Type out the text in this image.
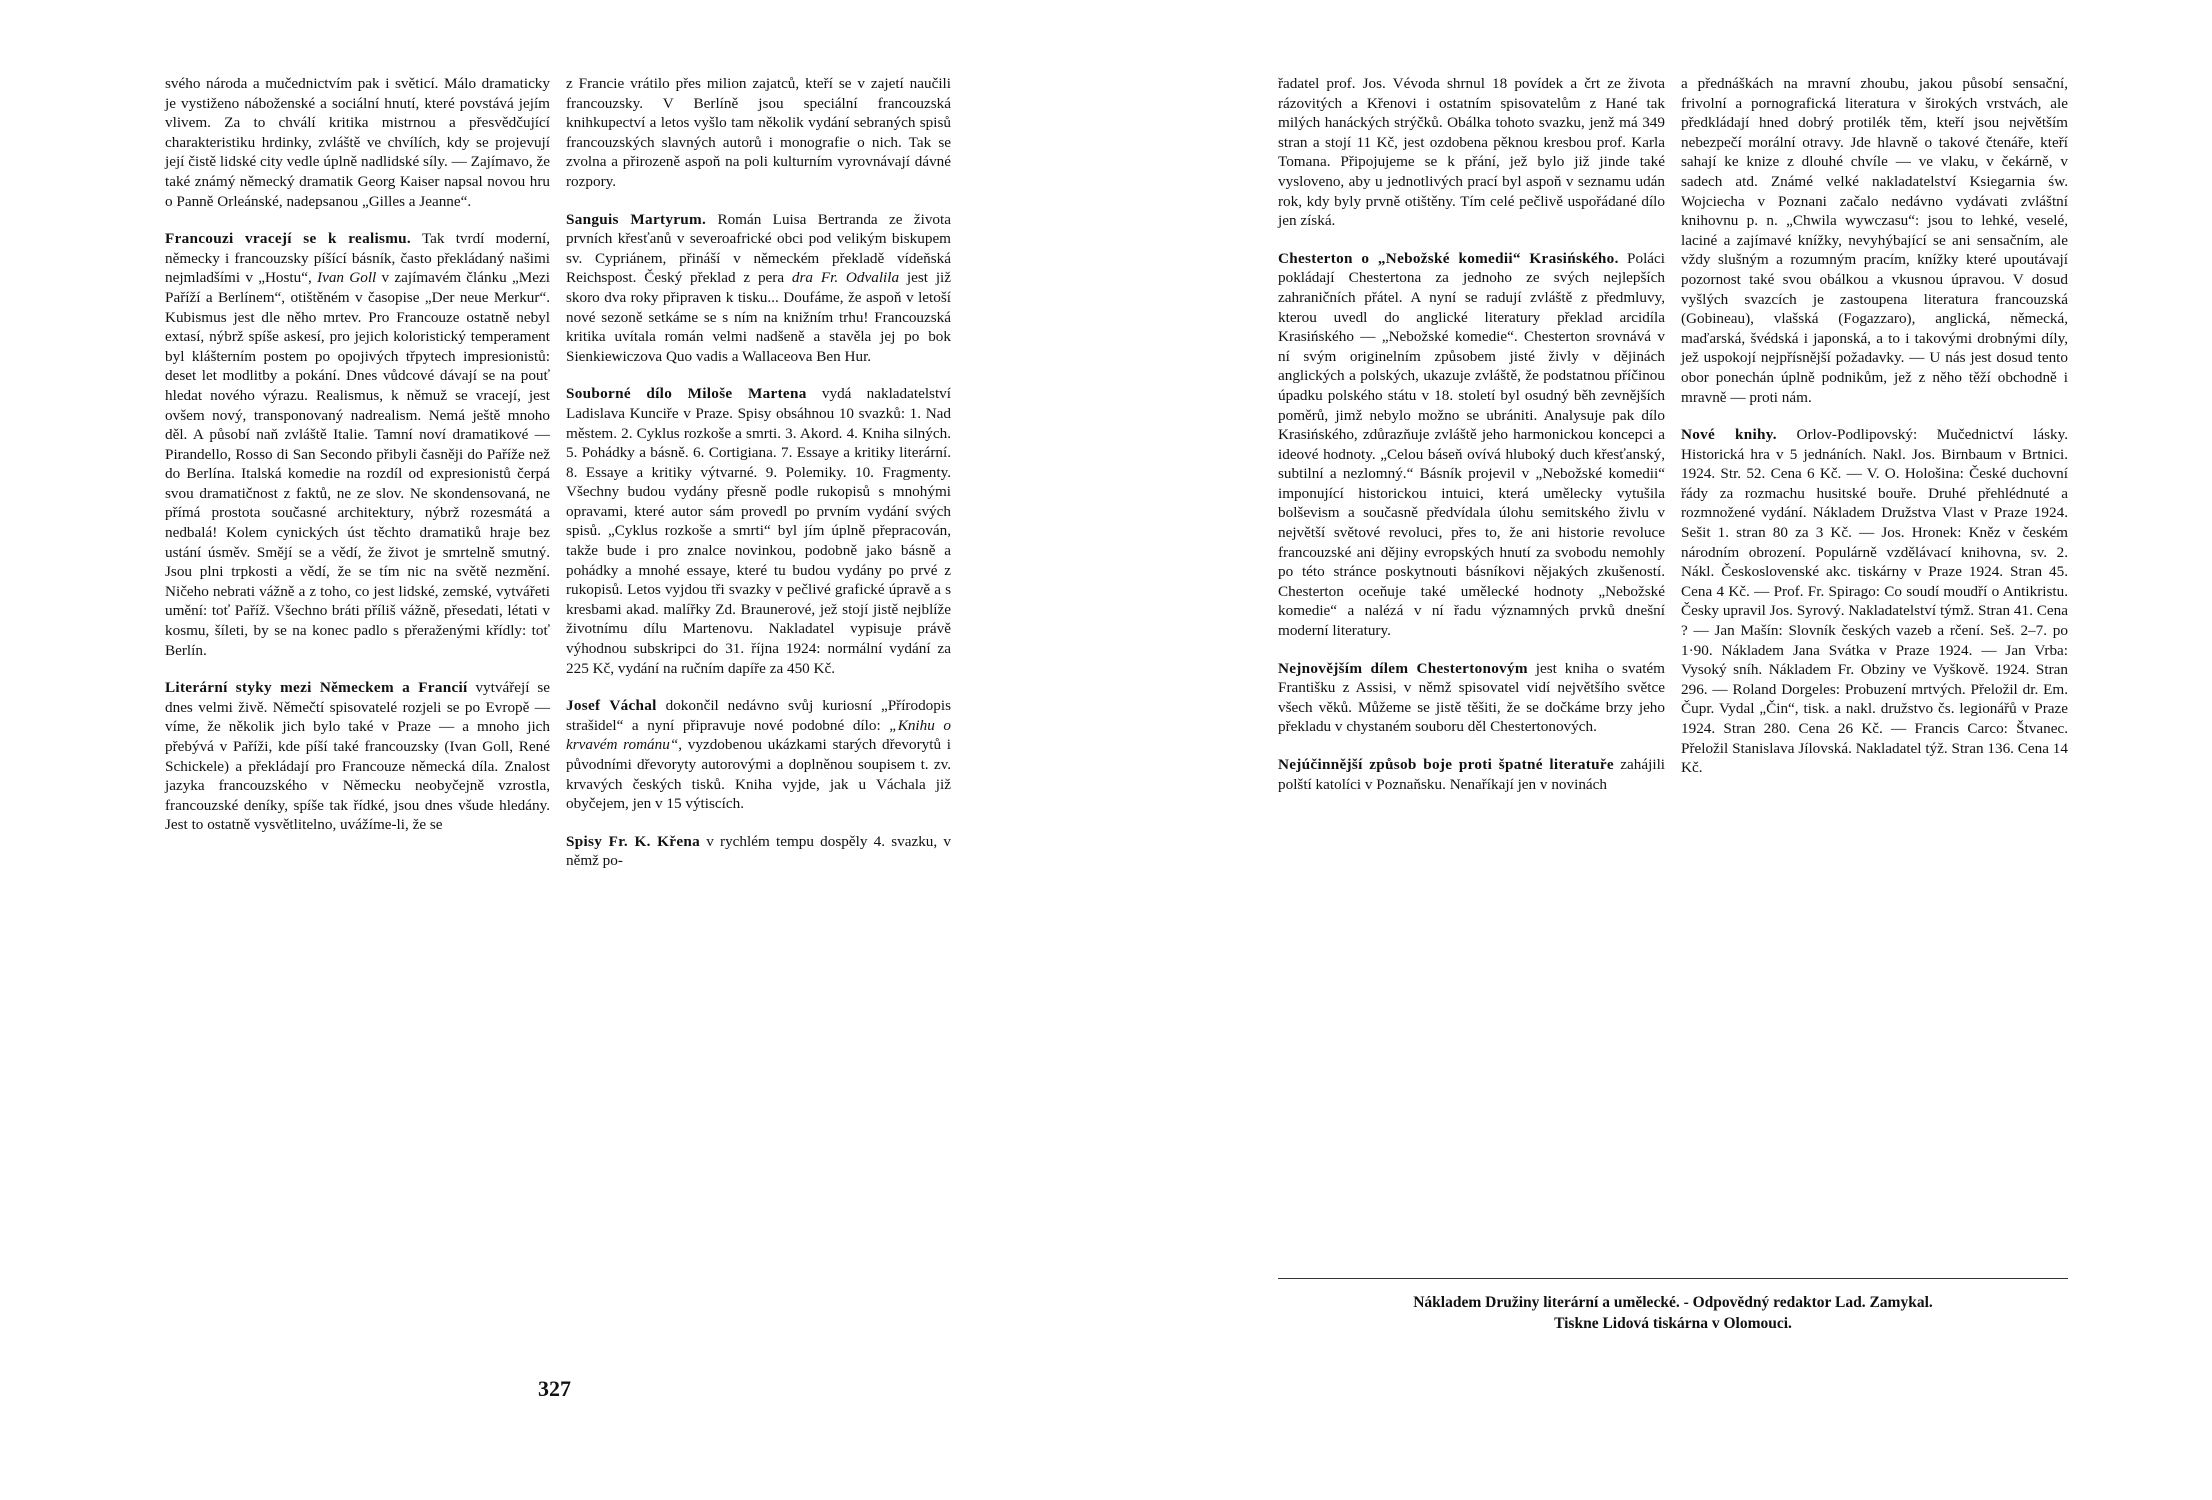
svého národa a mučednictvím pak i světicí. Málo dramaticky je vystiženo náboženské a sociální hnutí, které povstává jejím vlivem. Za to chválí kritika mistrnou a přesvědčující charakteristiku hrdinky, zvláště ve chvílích, kdy se projevují její čistě lidské city vedle úplně nadlidské síly. — Zajímavo, že také známý německý dramatik Georg Kaiser napsal novou hru o Panně Orleánské, nadepsanou „Gilles a Jeanne“.

Francouzi vracejí se k realismu. Tak tvrdí moderní, německy i francouzsky píšící básník, často překládaný našimi nejmladšími v „Hostu“, Ivan Goll v zajímavém článku „Mezi Paříží a Berlínem“, otištěném v časopise „Der neue Merkur“. Kubismus jest dle něho mrtev. Pro Francouze ostatně nebyl extasí, nýbrž spíše askesí, pro jejich koloristický temperament byl klášterním postem po opojivých třpytech impresionistů: deset let modlitby a pokání. Dnes vůdcové dávají se na pouť hledat nového výrazu. Realismus, k němuž se vracejí, jest ovšem nový, transponovaný nadrealism. Nemá ještě mnoho děl. A působí naň zvláště Italie. Tamní noví dramatikové — Pirandello, Rosso di San Secondo přibyli časněji do Paříže než do Berlína. Italská komedie na rozdíl od expresionistů čerpá svou dramatičnost z faktů, ne ze slov. Ne skondensovaná, ne přímá prostota současné architektury, nýbrž rozesmátá a nedbalá! Kolem cynických úst těchto dramatiků hraje bez ustání úsměv. Smějí se a vědí, že život je smrtelně smutný. Jsou plni trpkosti a vědí, že se tím nic na světě nezmění. Ničeho nebrati vážně a z toho, co jest lidské, zemské, vytvářeti umění: toť Paříž. Všechno bráti příliš vážně, přesedati, létati v kosmu, šíleti, by se na konec padlo s přeraženými křídly: toť Berlín.

Literární styky mezi Německem a Francií vytvářejí se dnes velmi živě. Němečtí spisovatelé rozjeli se po Evropě — víme, že několik jich bylo také v Praze — a mnoho jich přebývá v Paříži, kde píší také francouzsky (Ivan Goll, René Schickele) a překládají pro Francouze německá díla. Znalost jazyka francouzského v Německu neobyčejně vzrostla, francouzské deníky, spíše tak řídké, jsou dnes všude hledány. Jest to ostatně vysvětlitelno, uvážíme-li, že se

z Francie vrátilo přes milion zajatců, kteří se v zajetí naučili francouzsky. V Berlíně jsou speciální francouzská knihkupectví a letos vyšlo tam několik vydání sebraných spisů francouzských slavných autorů i monografie o nich. Tak se zvolna a přirozeně aspoň na poli kulturním vyrovnávají dávné rozpory.

Sanguis Martyrum. Román Luisa Bertranda ze života prvních křesťanů v severoafrické obci pod velikým biskupem sv. Cypriánem, přináší v německém překladě vídeňská Reichspost. Český překlad z pera dra Fr. Odvalila jest již skoro dva roky připraven k tisku... Doufáme, že aspoň v letoší nové sezoně setkáme se s ním na knižním trhu! Francouzská kritika uvítala román velmi nadšeně a stavěla jej po bok Sienkiewiczova Quo vadis a Wallaceova Ben Hur.

Souborné dílo Miloše Martena vydá nakladatelství Ladislava Kunciře v Praze. Spisy obsáhnou 10 svazků: 1. Nad městem. 2. Cyklus rozkoše a smrti. 3. Akord. 4. Kniha silných. 5. Pohádky a básně. 6. Cortigiana. 7. Essaye a kritiky literární. 8. Essaye a kritiky výtvarné. 9. Polemiky. 10. Fragmenty. Všechny budou vydány přesně podle rukopisů s mnohými opravami, které autor sám provedl po prvním vydání svých spisů. „Cyklus rozkoše a smrti“ byl jím úplně přepracován, takže bude i pro znalce novinkou, podobně jako básně a pohádky a mnohé essaye, které tu budou vydány po prvé z rukopisů. Letos vyjdou tři svazky v pečlivé grafické úpravě a s kresbami akad. malířky Zd. Braunerové, jež stojí jistě nejblíže životnímu dílu Martenovu. Nakladatel vypisuje právě výhodnou subskripci do 31. října 1924: normální vydání za 225 Kč, vydání na ručním dapíře za 450 Kč.

Josef Váchal dokončil nedávno svůj kuriosní „Přírodopis strašidel“ a nyní připravuje nové podobné dílo: „Knihu o krvavém románu“, vyzdobenou ukázkami starých dřevorytů i původními dřevoryty autorovými a doplněnou soupisem t. zv. krvavých českých tisků. Kniha vyjde, jak u Váchala již obyčejem, jen v 15 výtiscích.

Spisy Fr. K. Křena v rychlém tempu dospěly 4. svazku, v němž po-

327

řadatel prof. Jos. Vévoda shrnul 18 povídek a črt ze života rázovitých a Křenovi i ostatním spisovatelům z Hané tak milých hanáckých strýčků. Obálka tohoto svazku, jenž má 349 stran a stojí 11 Kč, jest ozdobena pěknou kresbou prof. Karla Tomana. Připojujeme se k přání, jež bylo již jinde také vysloveno, aby u jednotlivých prací byl aspoň v seznamu udán rok, kdy byly prvně otištěny. Tím celé pečlivě uspořádané dílo jen získá.

Chesterton o „Nebožské komedii“ Krasińského. Poláci pokládají Chestertona za jednoho ze svých nejlepších zahraničních přátel. A nyní se radují zvláště z předmluvy, kterou uvedl do anglické literatury překlad arcidíla Krasińského — „Nebožské komedie“. Chesterton srovnává v ní svým originelním způsobem jisté živly v dějinách anglických a polských, ukazuje zvláště, že podstatnou příčinou úpadku polského státu v 18. století byl osudný běh zevnějších poměrů, jimž nebylo možno se ubrániti. Analysuje pak dílo Krasińského, zdůrazňuje zvláště jeho harmonickou koncepci a ideové hodnoty. „Celou báseň ovívá hluboký duch křesťanský, subtilní a nezlomný.“ Básník projevil v „Nebožské komedii“ imponující historickou intuici, která umělecky vytušila bolševism a současně předvídala úlohu semitského živlu v největší světové revoluci, přes to, že ani historie revoluce francouzské ani dějiny evropských hnutí za svobodu nemohly po této stránce poskytnouti básníkovi nějakých zkušeností. Chesterton oceňuje také umělecké hodnoty „Nebožské komedie“ a nalézá v ní řadu významných prvků dnešní moderní literatury.

Nejnovějším dílem Chestertonovým jest kniha o svatém Františku z Assisi, v němž spisovatel vidí největšího světce všech věků. Můžeme se jistě těšiti, že se dočkáme brzy jeho překladu v chystaném souboru děl Chestertonových.

Nejúčinnější způsob boje proti špatné literatuře zahájili polští katolíci v Poznaňsku. Nenaříkají jen v novinách

a přednáškách na mravní zhoubu, jakou působí sensační, frivolní a pornografická literatura v širokých vrstvách, ale předkládají hned dobrý protilék těm, kteří jsou největším nebezpečí morální otravy. Jde hlavně o takové čtenáře, kteří sahají ke knize z dlouhé chvíle — ve vlaku, v čekárně, v sadech atd. Známé velké nakladatelství Ksiegarnia św. Wojciecha v Poznani začalo nedávno vydávati zvláštní knihovnu p. n. „Chwila wywczasu“: jsou to lehké, veselé, laciné a zajímavé knížky, nevyhýbající se ani sensačním, ale vždy slušným a rozumným pracím, knížky které upoutávají pozornost také svou obálkou a vkusnou úpravou. V dosud vyšlých svazcích je zastoupena literatura francouzská (Gobineau), vlašská (Fogazzaro), anglická, německá, maďarská, švédská i japonská, a to i takovými drobnými díly, jež uspokojí nejpřísnější požadavky. — U nás jest dosud tento obor ponechán úplně podnikům, jež z něho těží obchodně i mravně — proti nám.

Nové knihy. Orlov-Podlipovský: Mučednictví lásky. Historická hra v 5 jednáních. Nakl. Jos. Birnbaum v Brtnici. 1924. Str. 52. Cena 6 Kč. — V. O. Hološina: České duchovní řády za rozmachu husitské bouře. Druhé přehlédnuté a rozmnožené vydání. Nákladem Družstva Vlast v Praze 1924. Sešit 1. stran 80 za 3 Kč. — Jos. Hronek: Kněz v českém národním obrození. Populárně vzdělávací knihovna, sv. 2. Nákl. Československé akc. tiskárny v Praze 1924. Stran 45. Cena 4 Kč. — Prof. Fr. Spirago: Co soudí moudří o Antikristu. Česky upravil Jos. Syrový. Nakladatelství týmž. Stran 41. Cena ? — Jan Mašín: Slovník českých vazeb a rčení. Seš. 2–7. po 1·90. Nákladem Jana Svátka v Praze 1924. — Jan Vrba: Vysoký sníh. Nákladem Fr. Obziny ve Vyškově. 1924. Stran 296. — Roland Dorgeles: Probuzení mrtvých. Přeložil dr. Em. Čupr. Vydal „Čin“, tisk. a nakl. družstvo čs. legionářů v Praze 1924. Stran 280. Cena 26 Kč. — Francis Carco: Štvanec. Přeložil Stanislava Jílovská. Nakladatel týž. Stran 136. Cena 14 Kč.

Nákladem Družiny literární a umělecké. - Odpovědný redaktor Lad. Zamykal.
Tiskne Lidová tiskárna v Olomouci.
